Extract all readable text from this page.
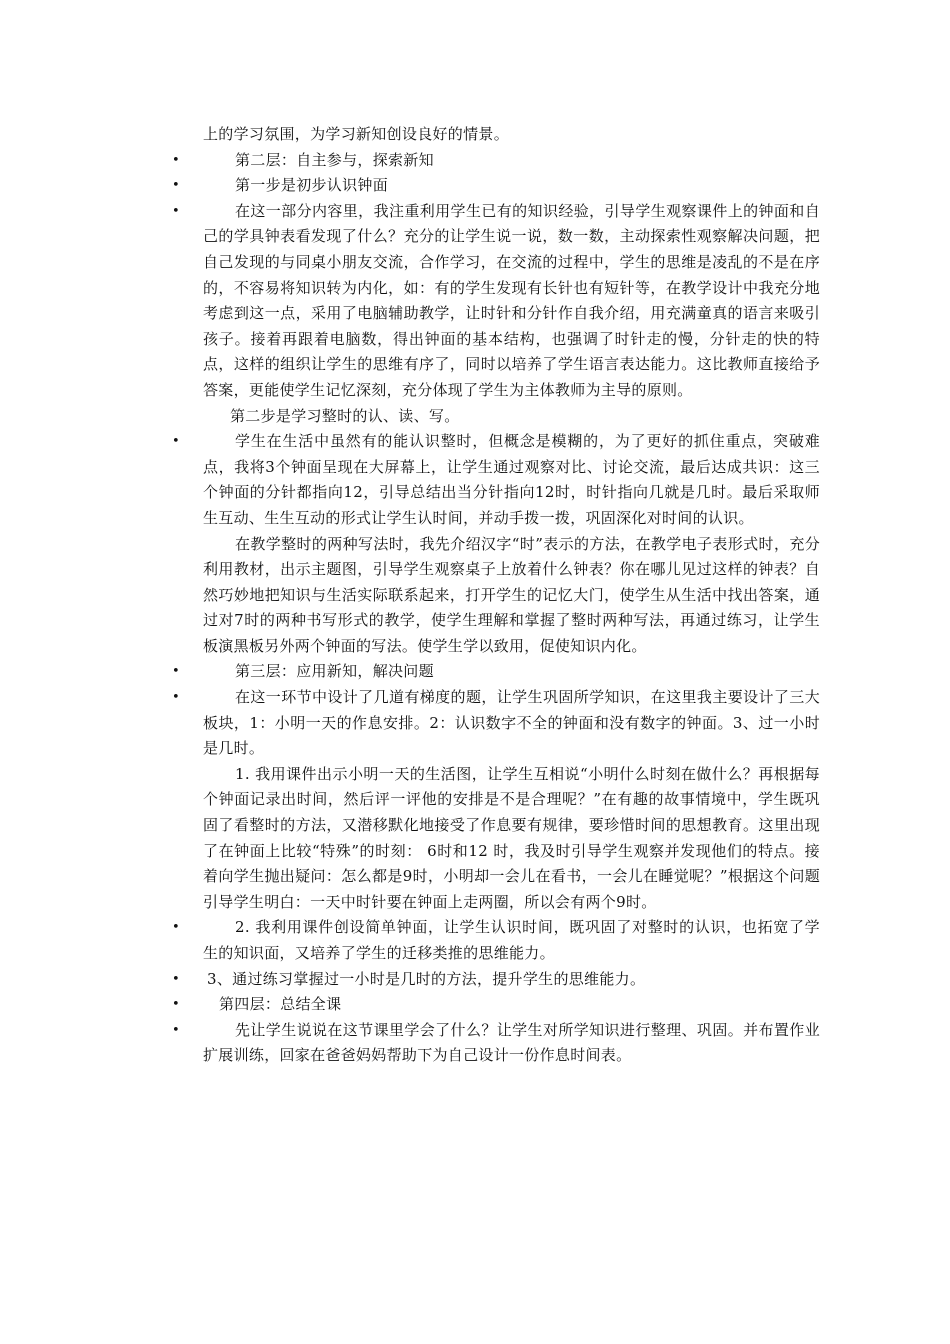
上的学习氛围，为学习新知创设良好的情景。
•	第二层：自主参与，探索新知
•	第一步是初步认识钟面
•	在这一部分内容里，我注重利用学生已有的知识经验，引导学生观察课件上的钟面和自己的学具钟表看发现了什么？充分的让学生说一说，数一数，主动探索性观察解决问题，把自己发现的与同桌小朋友交流，合作学习，在交流的过程中，学生的思维是凌乱的不是在序的，不容易将知识转为内化，如：有的学生发现有长针也有短针等，在教学设计中我充分地考虑到这一点，采用了电脑辅助教学，让时针和分针作自我介绍，用充满童真的语言来吸引孩子。接着再跟着电脑数，得出钟面的基本结构，也强调了时针走的慢，分针走的快的特点，这样的组织让学生的思维有序了，同时以培养了学生语言表达能力。这比教师直接给予答案，更能使学生记忆深刻，充分体现了学生为主体教师为主导的原则。
第二步是学习整时的认、读、写。
•	学生在生活中虽然有的能认识整时，但概念是模糊的，为了更好的抓住重点，突破难点，我将3个钟面呈现在大屏幕上，让学生通过观察对比、讨论交流，最后达成共识：这三个钟面的分针都指向12，引导总结出当分针指向12时，时针指向几就是几时。最后采取师生互动、生生互动的形式让学生认时间，并动手拨一拨，巩固深化对时间的认识。
在教学整时的两种写法时，我先介绍汉字“时”表示的方法，在教学电子表形式时，充分利用教材，出示主题图，引导学生观察桌子上放着什么钟表？你在哪儿见过这样的钟表？自然巧妙地把知识与生活实际联系起来，打开学生的记忆大门，使学生从生活中找出答案，通过对7时的两种书写形式的教学，使学生理解和掌握了整时两种写法，再通过练习，让学生板演黑板另外两个钟面的写法。使学生学以致用，促使知识内化。
•	第三层：应用新知，解决问题
•	在这一环节中设计了几道有梯度的题，让学生巩固所学知识，在这里我主要设计了三大板块，1：小明一天的作息安排。2：认识数字不全的钟面和没有数字的钟面。3、过一小时是几时。
1. 我用课件出示小明一天的生活图，让学生互相说“小明什么时刻在做什么？再根据每个钟面记录出时间，然后评一评他的安排是不是合理呢？”在有趣的故事情境中，学生既巩固了看整时的方法，又潜移默化地接受了作息要有规律，要珍惜时间的思想教育。这里出现了在钟面上比较“特殊”的时刻： 6时和12 时，我及时引导学生观察并发现他们的特点。接着向学生抛出疑问：怎么都是9时，小明却一会儿在看书，一会儿在睡觉呢？”根据这个问题引导学生明白：一天中时针要在钟面上走两圈，所以会有两个9时。
•	2. 我利用课件创设简单钟面，让学生认识时间，既巩固了对整时的认识，也拓宽了学生的知识面，又培养了学生的迁移类推的思维能力。
• 3、通过练习掌握过一小时是几时的方法，提升学生的思维能力。
•	第四层：总结全课
•	先让学生说说在这节课里学会了什么？让学生对所学知识进行整理、巩固。并布置作业扩展训练，回家在爸爸妈妈帮助下为自己设计一份作息时间表。
